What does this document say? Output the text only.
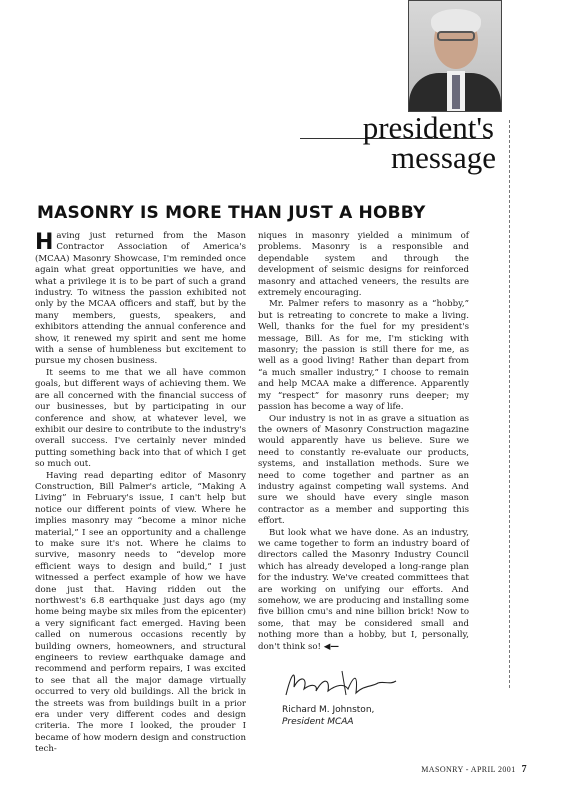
president's
message
MASONRY IS MORE THAN JUST A HOBBY

Having just returned from the Mason Contractor Association of America's (MCAA) Masonry Showcase, I'm reminded once again what great opportunities we have, and what a privilege it is to be part of such a grand industry. To witness the passion exhibited not only by the MCAA officers and staff, but by the many members, guests, speakers, and exhibitors attending the annual conference and show, it renewed my spirit and sent me home with a sense of humbleness but excitement to pursue my chosen business.

It seems to me that we all have common goals, but different ways of achieving them. We are all concerned with the financial success of our businesses, but by participating in our conference and show, at whatever level, we exhibit our desire to contribute to the industry's overall success. I've certainly never minded putting something back into that of which I get so much out.

Having read departing editor of Masonry Construction, Bill Palmer's article, “Making A Living” in February's issue, I can't help but notice our different points of view. Where he implies masonry may “become a minor niche material,” I see an opportunity and a challenge to make sure it's not. Where he claims to survive, masonry needs to “develop more efficient ways to design and build,” I just witnessed a perfect example of how we have done just that. Having ridden out the northwest's 6.8 earthquake just days ago (my home being maybe six miles from the epicenter) a very significant fact emerged. Having been called on numerous occasions recently by building owners, homeowners, and structural engineers to review earthquake damage and recommend and perform repairs, I was excited to see that all the major damage virtually occurred to very old buildings. All the brick in the streets was from buildings built in a prior era under very different codes and design criteria. The more I looked, the prouder I became of how modern design and construction tech-

niques in masonry yielded a minimum of problems. Masonry is a responsible and dependable system and through the development of seismic designs for reinforced masonry and attached veneers, the results are extremely encouraging.

Mr. Palmer refers to masonry as a “hobby,” but is retreating to concrete to make a living. Well, thanks for the fuel for my president's message, Bill. As for me, I'm sticking with masonry; the passion is still there for me, as well as a good living! Rather than depart from “a much smaller industry,” I choose to remain and help MCAA make a difference. Apparently my “respect” for masonry runs deeper; my passion has become a way of life.

Our industry is not in as grave a situation as the owners of Masonry Construction magazine would apparently have us believe. Sure we need to constantly re-evaluate our products, systems, and installation methods. Sure we need to come together and partner as an industry against competing wall systems. And sure we should have every single mason contractor as a member and supporting this effort.

But look what we have done. As an industry, we came together to form an industry board of directors called the Masonry Industry Council which has already developed a long-range plan for the industry. We've created committees that are working on unifying our efforts. And somehow, we are producing and installing some five billion cmu's and nine billion brick! Now to some, that may be considered small and nothing more than a hobby, but I, personally, don't think so! ◀—

Richard M. Johnston,
President MCAA
MASONRY - APRIL 2001 7
